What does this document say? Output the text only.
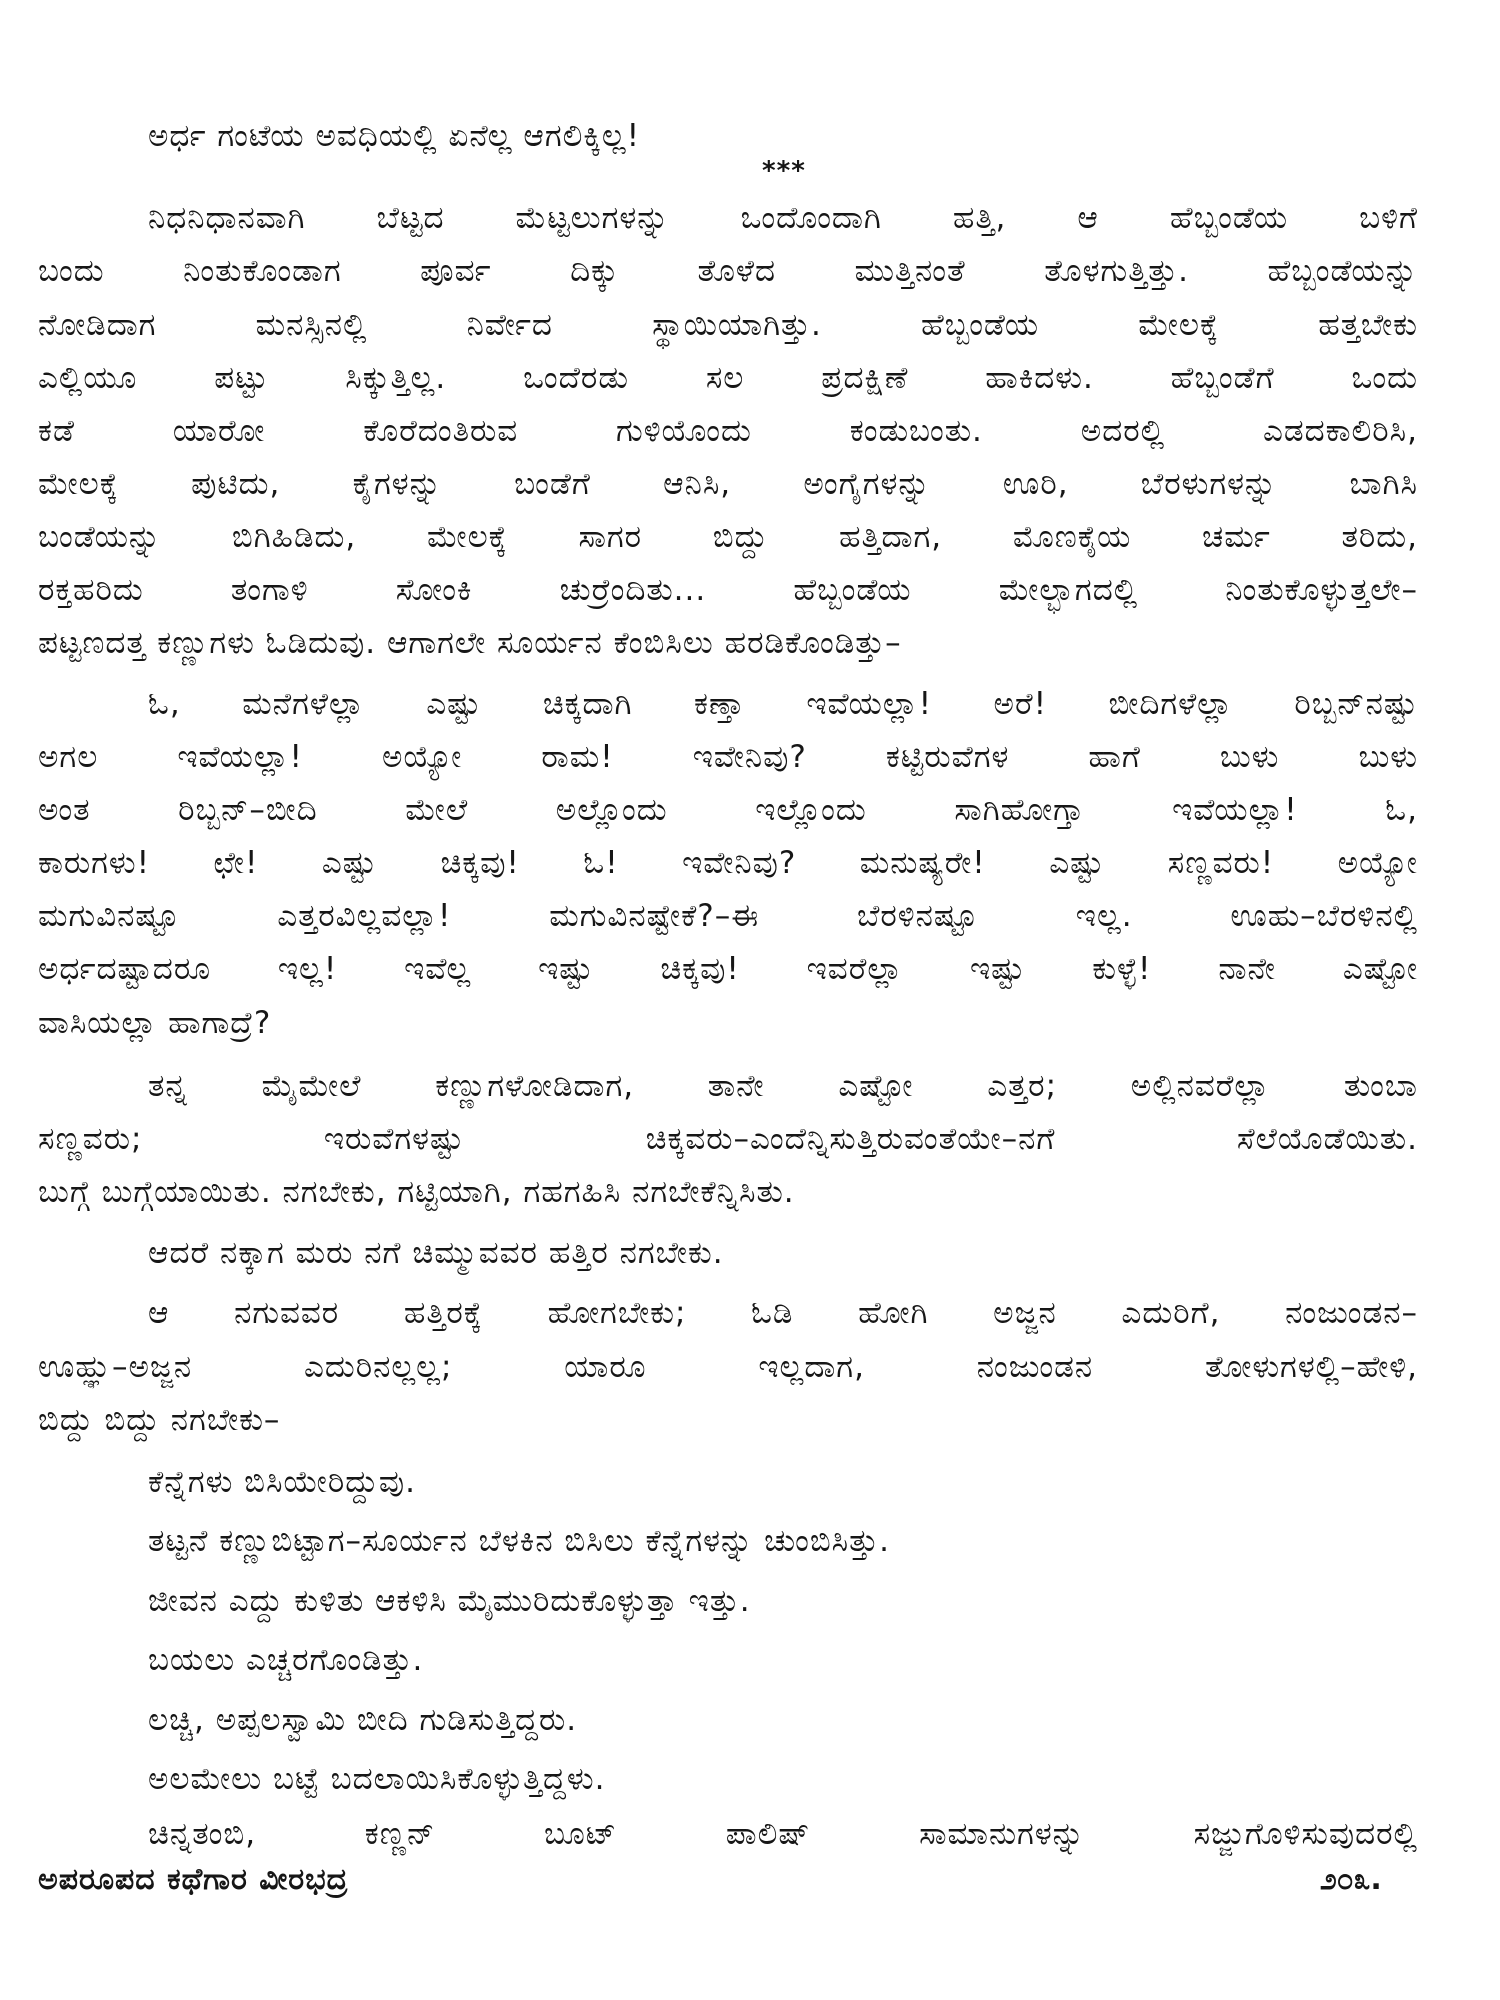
ಅರ್ಧ ಗಂಟೆಯ ಅವಧಿಯಲ್ಲಿ ಏನೆಲ್ಲ ಆಗಲಿಕ್ಕಿಲ್ಲ!
***
ನಿಧನಿಧಾನವಾಗಿ ಬೆಟ್ಟದ ಮೆಟ್ಟಲುಗಳನ್ನು ಒಂದೊಂದಾಗಿ ಹತ್ತಿ, ಆ ಹೆಬ್ಬಂಡೆಯ ಬಳಿಗೆ
ಬಂದು ನಿಂತುಕೊಂಡಾಗ ಪೂರ್ವ ದಿಕ್ಕು ತೊಳೆದ ಮುತ್ತಿನಂತೆ ತೊಳಗುತ್ತಿತ್ತು. ಹೆಬ್ಬಂಡೆಯನ್ನು
ನೋಡಿದಾಗ ಮನಸ್ಸಿನಲ್ಲಿ ನಿರ್ವೇದ ಸ್ಥಾಯಿಯಾಗಿತ್ತು. ಹೆಬ್ಬಂಡೆಯ ಮೇಲಕ್ಕೆ ಹತ್ತಬೇಕು
ಎಲ್ಲಿಯೂ ಪಟ್ಟು ಸಿಕ್ಕುತ್ತಿಲ್ಲ. ಒಂದೆರಡು ಸಲ ಪ್ರದಕ್ಷಿಣೆ ಹಾಕಿದಳು. ಹೆಬ್ಬಂಡೆಗೆ ಒಂದು
ಕಡೆ ಯಾರೋ ಕೊರೆದಂತಿರುವ ಗುಳಿಯೊಂದು ಕಂಡುಬಂತು. ಅದರಲ್ಲಿ ಎಡದಕಾಲಿರಿಸಿ,
ಮೇಲಕ್ಕೆ ಪುಟಿದು, ಕೈಗಳನ್ನು ಬಂಡೆಗೆ ಆನಿಸಿ, ಅಂಗೈಗಳನ್ನು ಊರಿ, ಬೆರಳುಗಳನ್ನು ಬಾಗಿಸಿ
ಬಂಡೆಯನ್ನು ಬಿಗಿಹಿಡಿದು, ಮೇಲಕ್ಕೆ ಸಾಗರ ಬಿದ್ದು ಹತ್ತಿದಾಗ, ಮೊಣಕೈಯ ಚರ್ಮ ತರಿದು,
ರಕ್ತಹರಿದು ತಂಗಾಳಿ ಸೋಂಕಿ ಚುರ್ರೆಂದಿತು... ಹೆಬ್ಬಂಡೆಯ ಮೇಲ್ಭಾಗದಲ್ಲಿ ನಿಂತುಕೊಳ್ಳುತ್ತಲೇ–
ಪಟ್ಟಣದತ್ತ ಕಣ್ಣುಗಳು ಓಡಿದುವು. ಆಗಾಗಲೇ ಸೂರ್ಯನ ಕೆಂಬಿಸಿಲು ಹರಡಿಕೊಂಡಿತ್ತು–
ಓ, ಮನೆಗಳೆಲ್ಲಾ ಎಷ್ಟು ಚಿಕ್ಕದಾಗಿ ಕಣ್ತಾ ಇವೆಯಲ್ಲಾ! ಅರೆ! ಬೀದಿಗಳೆಲ್ಲಾ ರಿಬ್ಬನ್‌ನಷ್ಟು
ಅಗಲ ಇವೆಯಲ್ಲಾ! ಅಯ್ಯೋ ರಾಮ! ಇವೇನಿವು? ಕಟ್ಟಿರುವೆಗಳ ಹಾಗೆ ಬುಳು ಬುಳು
ಅಂತ ರಿಬ್ಬನ್–ಬೀದಿ ಮೇಲೆ ಅಲ್ಲೊಂದು ಇಲ್ಲೊಂದು ಸಾಗಿಹೋಗ್ತಾ ಇವೆಯಲ್ಲಾ! ಓ,
ಕಾರುಗಳು! ಛೇ! ಎಷ್ಟು ಚಿಕ್ಕವು! ಓ! ಇವೇನಿವು? ಮನುಷ್ಯರೇ! ಎಷ್ಟು ಸಣ್ಣವರು! ಅಯ್ಯೋ
ಮಗುವಿನಷ್ಟೂ ಎತ್ತರವಿಲ್ಲವಲ್ಲಾ! ಮಗುವಿನಷ್ಟೇಕೆ?–ಈ ಬೆರಳಿನಷ್ಟೂ ಇಲ್ಲ. ಊಹು–ಬೆರಳಿನಲ್ಲಿ
ಅರ್ಧದಷ್ಟಾದರೂ ಇಲ್ಲ! ಇವೆಲ್ಲ ಇಷ್ಟು ಚಿಕ್ಕವು! ಇವರೆಲ್ಲಾ ಇಷ್ಟು ಕುಳ್ಳೆ! ನಾನೇ ಎಷ್ಟೋ
ವಾಸಿಯಲ್ಲಾ ಹಾಗಾದ್ರೆ?
ತನ್ನ ಮೈಮೇಲೆ ಕಣ್ಣುಗಳೋಡಿದಾಗ, ತಾನೇ ಎಷ್ಟೋ ಎತ್ತರ; ಅಲ್ಲಿನವರೆಲ್ಲಾ ತುಂಬಾ
ಸಣ್ಣವರು; ಇರುವೆಗಳಷ್ಟು ಚಿಕ್ಕವರು–ಎಂದೆನ್ನಿಸುತ್ತಿರುವಂತೆಯೇ–ನಗೆ ಸೆಲೆಯೊಡೆಯಿತು.
ಬುಗ್ಗೆ ಬುಗ್ಗೆಯಾಯಿತು. ನಗಬೇಕು, ಗಟ್ಟಿಯಾಗಿ, ಗಹಗಹಿಸಿ ನಗಬೇಕೆನ್ನಿಸಿತು.
ಆದರೆ ನಕ್ಕಾಗ ಮರು ನಗೆ ಚಿಮ್ಮುವವರ ಹತ್ತಿರ ನಗಬೇಕು.
ಆ ನಗುವವರ ಹತ್ತಿರಕ್ಕೆ ಹೋಗಬೇಕು; ಓಡಿ ಹೋಗಿ ಅಜ್ಜನ ಎದುರಿಗೆ, ನಂಜುಂಡನ–
ಊಹ್ಞು–ಅಜ್ಜನ ಎದುರಿನಲ್ಲಲ್ಲ; ಯಾರೂ ಇಲ್ಲದಾಗ, ನಂಜುಂಡನ ತೋಳುಗಳಲ್ಲಿ–ಹೇಳಿ,
ಬಿದ್ದು ಬಿದ್ದು ನಗಬೇಕು–
ಕೆನ್ನೆಗಳು ಬಿಸಿಯೇರಿದ್ದುವು.
ತಟ್ಟನೆ ಕಣ್ಣುಬಿಟ್ಟಾಗ–ಸೂರ್ಯನ ಬೆಳಕಿನ ಬಿಸಿಲು ಕೆನ್ನೆಗಳನ್ನು ಚುಂಬಿಸಿತ್ತು.
ಜೀವನ ಎದ್ದು ಕುಳಿತು ಆಕಳಿಸಿ ಮೈಮುರಿದುಕೊಳ್ಳುತ್ತಾ ಇತ್ತು.
ಬಯಲು ಎಚ್ಚರಗೊಂಡಿತ್ತು.
ಲಚ್ಚಿ, ಅಪ್ಪಲಸ್ವಾಮಿ ಬೀದಿ ಗುಡಿಸುತ್ತಿದ್ದರು.
ಅಲಮೇಲು ಬಟ್ಟೆ ಬದಲಾಯಿಸಿಕೊಳ್ಳುತ್ತಿದ್ದಳು.
ಚಿನ್ನತಂಬಿ, ಕಣ್ಣನ್ ಬೂಟ್ ಪಾಲಿಷ್ ಸಾಮಾನುಗಳನ್ನು ಸಜ್ಜುಗೊಳಿಸುವುದರಲ್ಲಿ
ಅಪರೂಪದ ಕಥೆಗಾರ ವೀರಭದ್ರ	೨೦೩.
